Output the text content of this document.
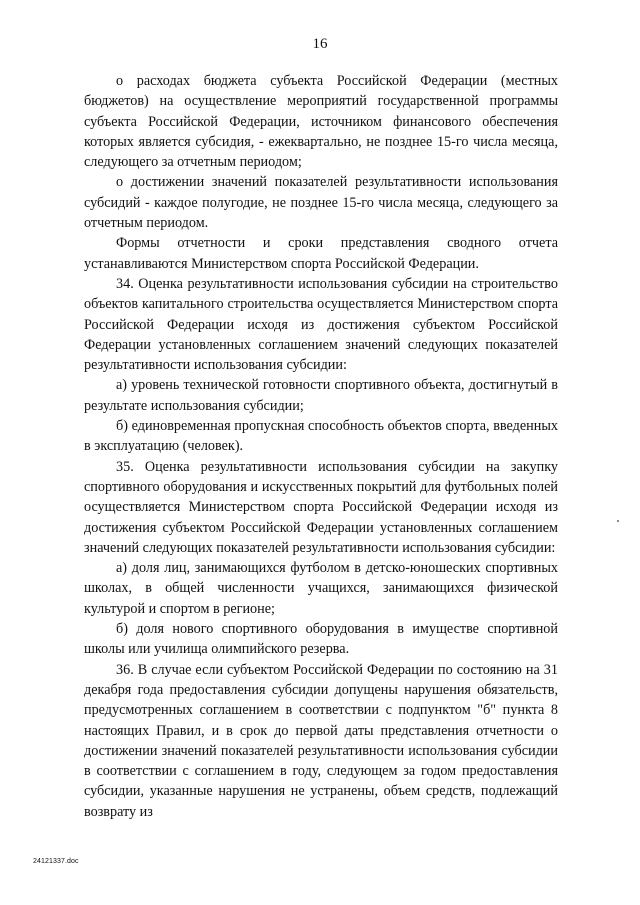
16

о расходах бюджета субъекта Российской Федерации (местных бюджетов) на осуществление мероприятий государственной программы субъекта Российской Федерации, источником финансового обеспечения которых является субсидия, - ежеквартально, не позднее 15-го числа месяца, следующего за отчетным периодом;

о достижении значений показателей результативности использования субсидий - каждое полугодие, не позднее 15-го числа месяца, следующего за отчетным периодом.

Формы отчетности и сроки представления сводного отчета устанавливаются Министерством спорта Российской Федерации.

34. Оценка результативности использования субсидии на строительство объектов капитального строительства осуществляется Министерством спорта Российской Федерации исходя из достижения субъектом Российской Федерации установленных соглашением значений следующих показателей результативности использования субсидии:

а) уровень технической готовности спортивного объекта, достигнутый в результате использования субсидии;

б) единовременная пропускная способность объектов спорта, введенных в эксплуатацию (человек).

35. Оценка результативности использования субсидии на закупку спортивного оборудования и искусственных покрытий для футбольных полей осуществляется Министерством спорта Российской Федерации исходя из достижения субъектом Российской Федерации установленных соглашением значений следующих показателей результативности использования субсидии:

а) доля лиц, занимающихся футболом в детско-юношеских спортивных школах, в общей численности учащихся, занимающихся физической культурой и спортом в регионе;

б) доля нового спортивного оборудования в имуществе спортивной школы или училища олимпийского резерва.

36. В случае если субъектом Российской Федерации по состоянию на 31 декабря года предоставления субсидии допущены нарушения обязательств, предусмотренных соглашением в соответствии с подпунктом "б" пункта 8 настоящих Правил, и в срок до первой даты представления отчетности о достижении значений показателей результативности использования субсидии в соответствии с соглашением в году, следующем за годом предоставления субсидии, указанные нарушения не устранены, объем средств, подлежащий возврату из

24121337.doc
